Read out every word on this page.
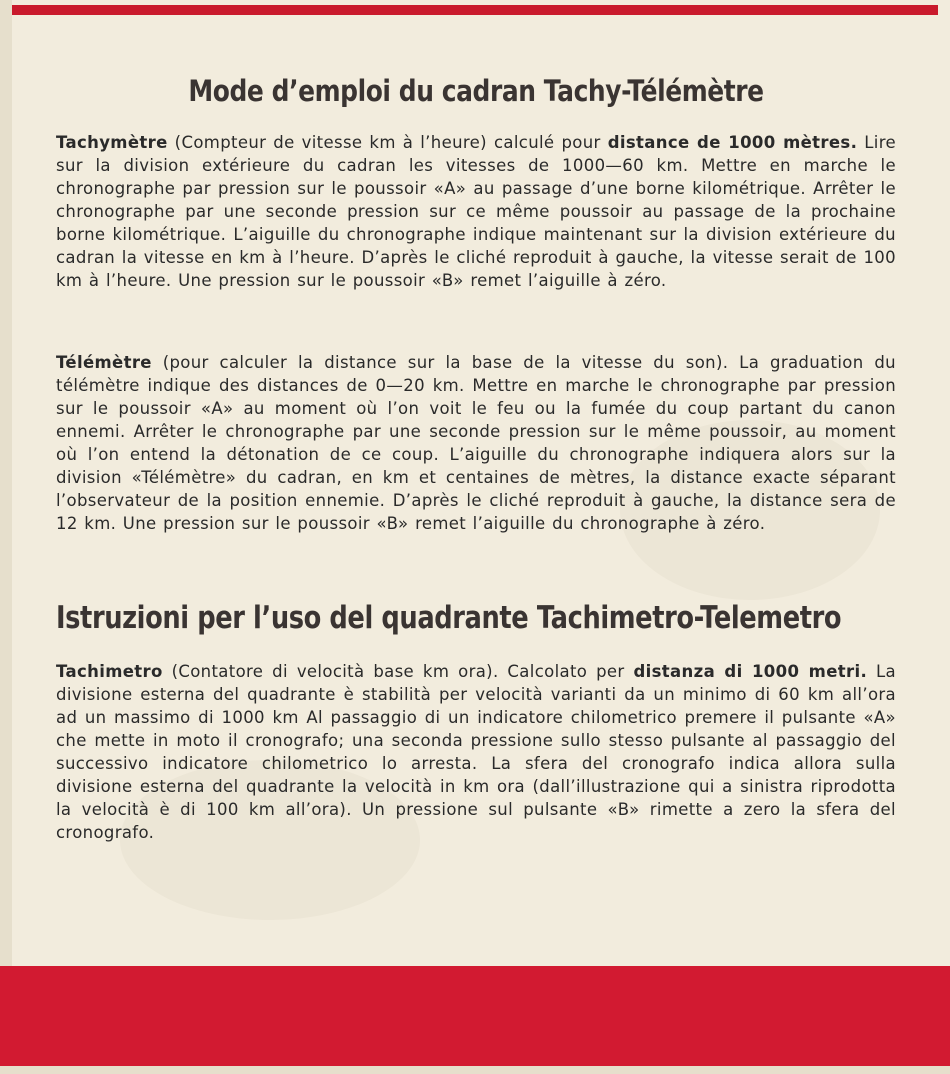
Mode d’emploi du cadran Tachy-Télémètre

Tachymètre (Compteur de vitesse km à l’heure) calculé pour distance de 1000 mètres. Lire sur la division extérieure du cadran les vitesses de 1000—60 km. Mettre en marche le chronographe par pression sur le poussoir «A» au passage d’une borne kilométrique. Arrêter le chronographe par une seconde pression sur ce même poussoir au passage de la prochaine borne kilométrique. L’aiguille du chronographe indique maintenant sur la division extérieure du cadran la vitesse en km à l’heure. D’après le cliché reproduit à gauche, la vitesse serait de 100 km à l’heure. Une pression sur le poussoir «B» remet l’aiguille à zéro.

Télémètre (pour calculer la distance sur la base de la vitesse du son). La graduation du télémètre indique des distances de 0—20 km. Mettre en marche le chronographe par pression sur le poussoir «A» au moment où l’on voit le feu ou la fumée du coup partant du canon ennemi. Arrêter le chronographe par une seconde pression sur le même poussoir, au moment où l’on entend la détonation de ce coup. L’aiguille du chronographe indiquera alors sur la division «Télémètre» du cadran, en km et centaines de mètres, la distance exacte séparant l’observateur de la position ennemie. D’après le cliché reproduit à gauche, la distance sera de 12 km. Une pression sur le poussoir «B» remet l’aiguille du chronographe à zéro.

Istruzioni per l’uso del quadrante Tachimetro-Telemetro

Tachimetro (Contatore di velocità base km ora). Calcolato per distanza di 1000 metri. La divisione esterna del quadrante è stabilità per velocità varianti da un minimo di 60 km all’ora ad un massimo di 1000 km Al passaggio di un indicatore chilometrico premere il pulsante «A» che mette in moto il cronografo; una seconda pressione sullo stesso pulsante al passaggio del successivo indicatore chilometrico lo arresta. La sfera del cronografo indica allora sulla divisione esterna del quadrante la velocità in km ora (dall’illustrazione qui a sinistra riprodotta la velocità è di 100 km all’ora). Un pressione sul pulsante «B» rimette a zero la sfera del cronografo.
